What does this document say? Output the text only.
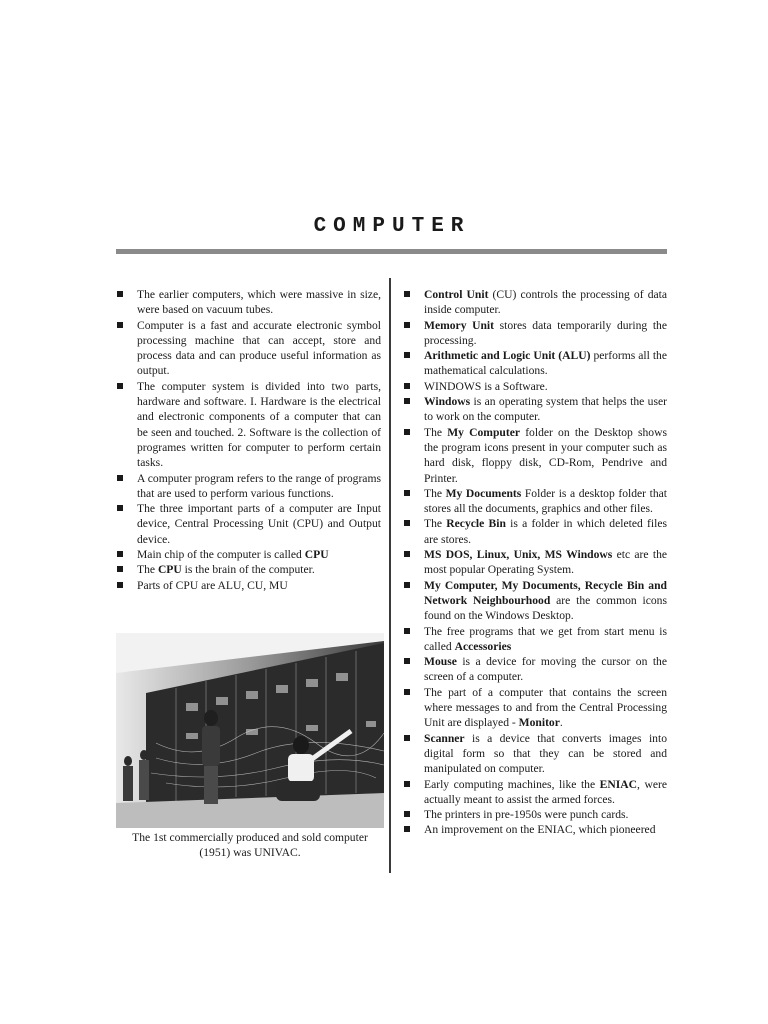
COMPUTER
The earlier computers, which were massive in size, were based on vacuum tubes.
Computer is a fast and accurate electronic symbol processing machine that can accept, store and process data and can produce useful information as output.
The computer system is divided into two parts, hardware and software. I. Hardware is the electrical and electronic components of a computer that can be seen and touched. 2. Software is the collection of programes written for computer to perform certain tasks.
A computer program refers to the range of programs that are used to perform various functions.
The three important parts of a computer are Input device, Central Processing Unit (CPU) and Output device.
Main chip of the computer is called CPU
The CPU is the brain of the computer.
Parts of CPU are ALU, CU, MU
Control Unit (CU) controls the processing of data inside computer.
Memory Unit stores data temporarily during the processing.
Arithmetic and Logic Unit (ALU) performs all the mathematical calculations.
WINDOWS is a Software.
Windows is an operating system that helps the user to work on the computer.
The My Computer folder on the Desktop shows the program icons present in your computer such as hard disk, floppy disk, CD-Rom, Pendrive and Printer.
The My Documents Folder is a desktop folder that stores all the documents, graphics and other files.
The Recycle Bin is a folder in which deleted files are stores.
MS DOS, Linux, Unix, MS Windows etc are the most popular Operating System.
My Computer, My Documents, Recycle Bin and Network Neighbourhood are the common icons found on the Windows Desktop.
The free programs that we get from start menu is called Accessories
Mouse is a device for moving the cursor on the screen of a computer.
The part of a computer that contains the screen where messages to and from the Central Processing Unit are displayed - Monitor.
Scanner is a device that converts images into digital form so that they can be stored and manipulated on computer.
Early computing machines, like the ENIAC, were actually meant to assist the armed forces.
The printers in pre-1950s were punch cards.
An improvement on the ENIAC, which pioneered
The 1st commercially produced and sold computer (1951) was UNIVAC.
